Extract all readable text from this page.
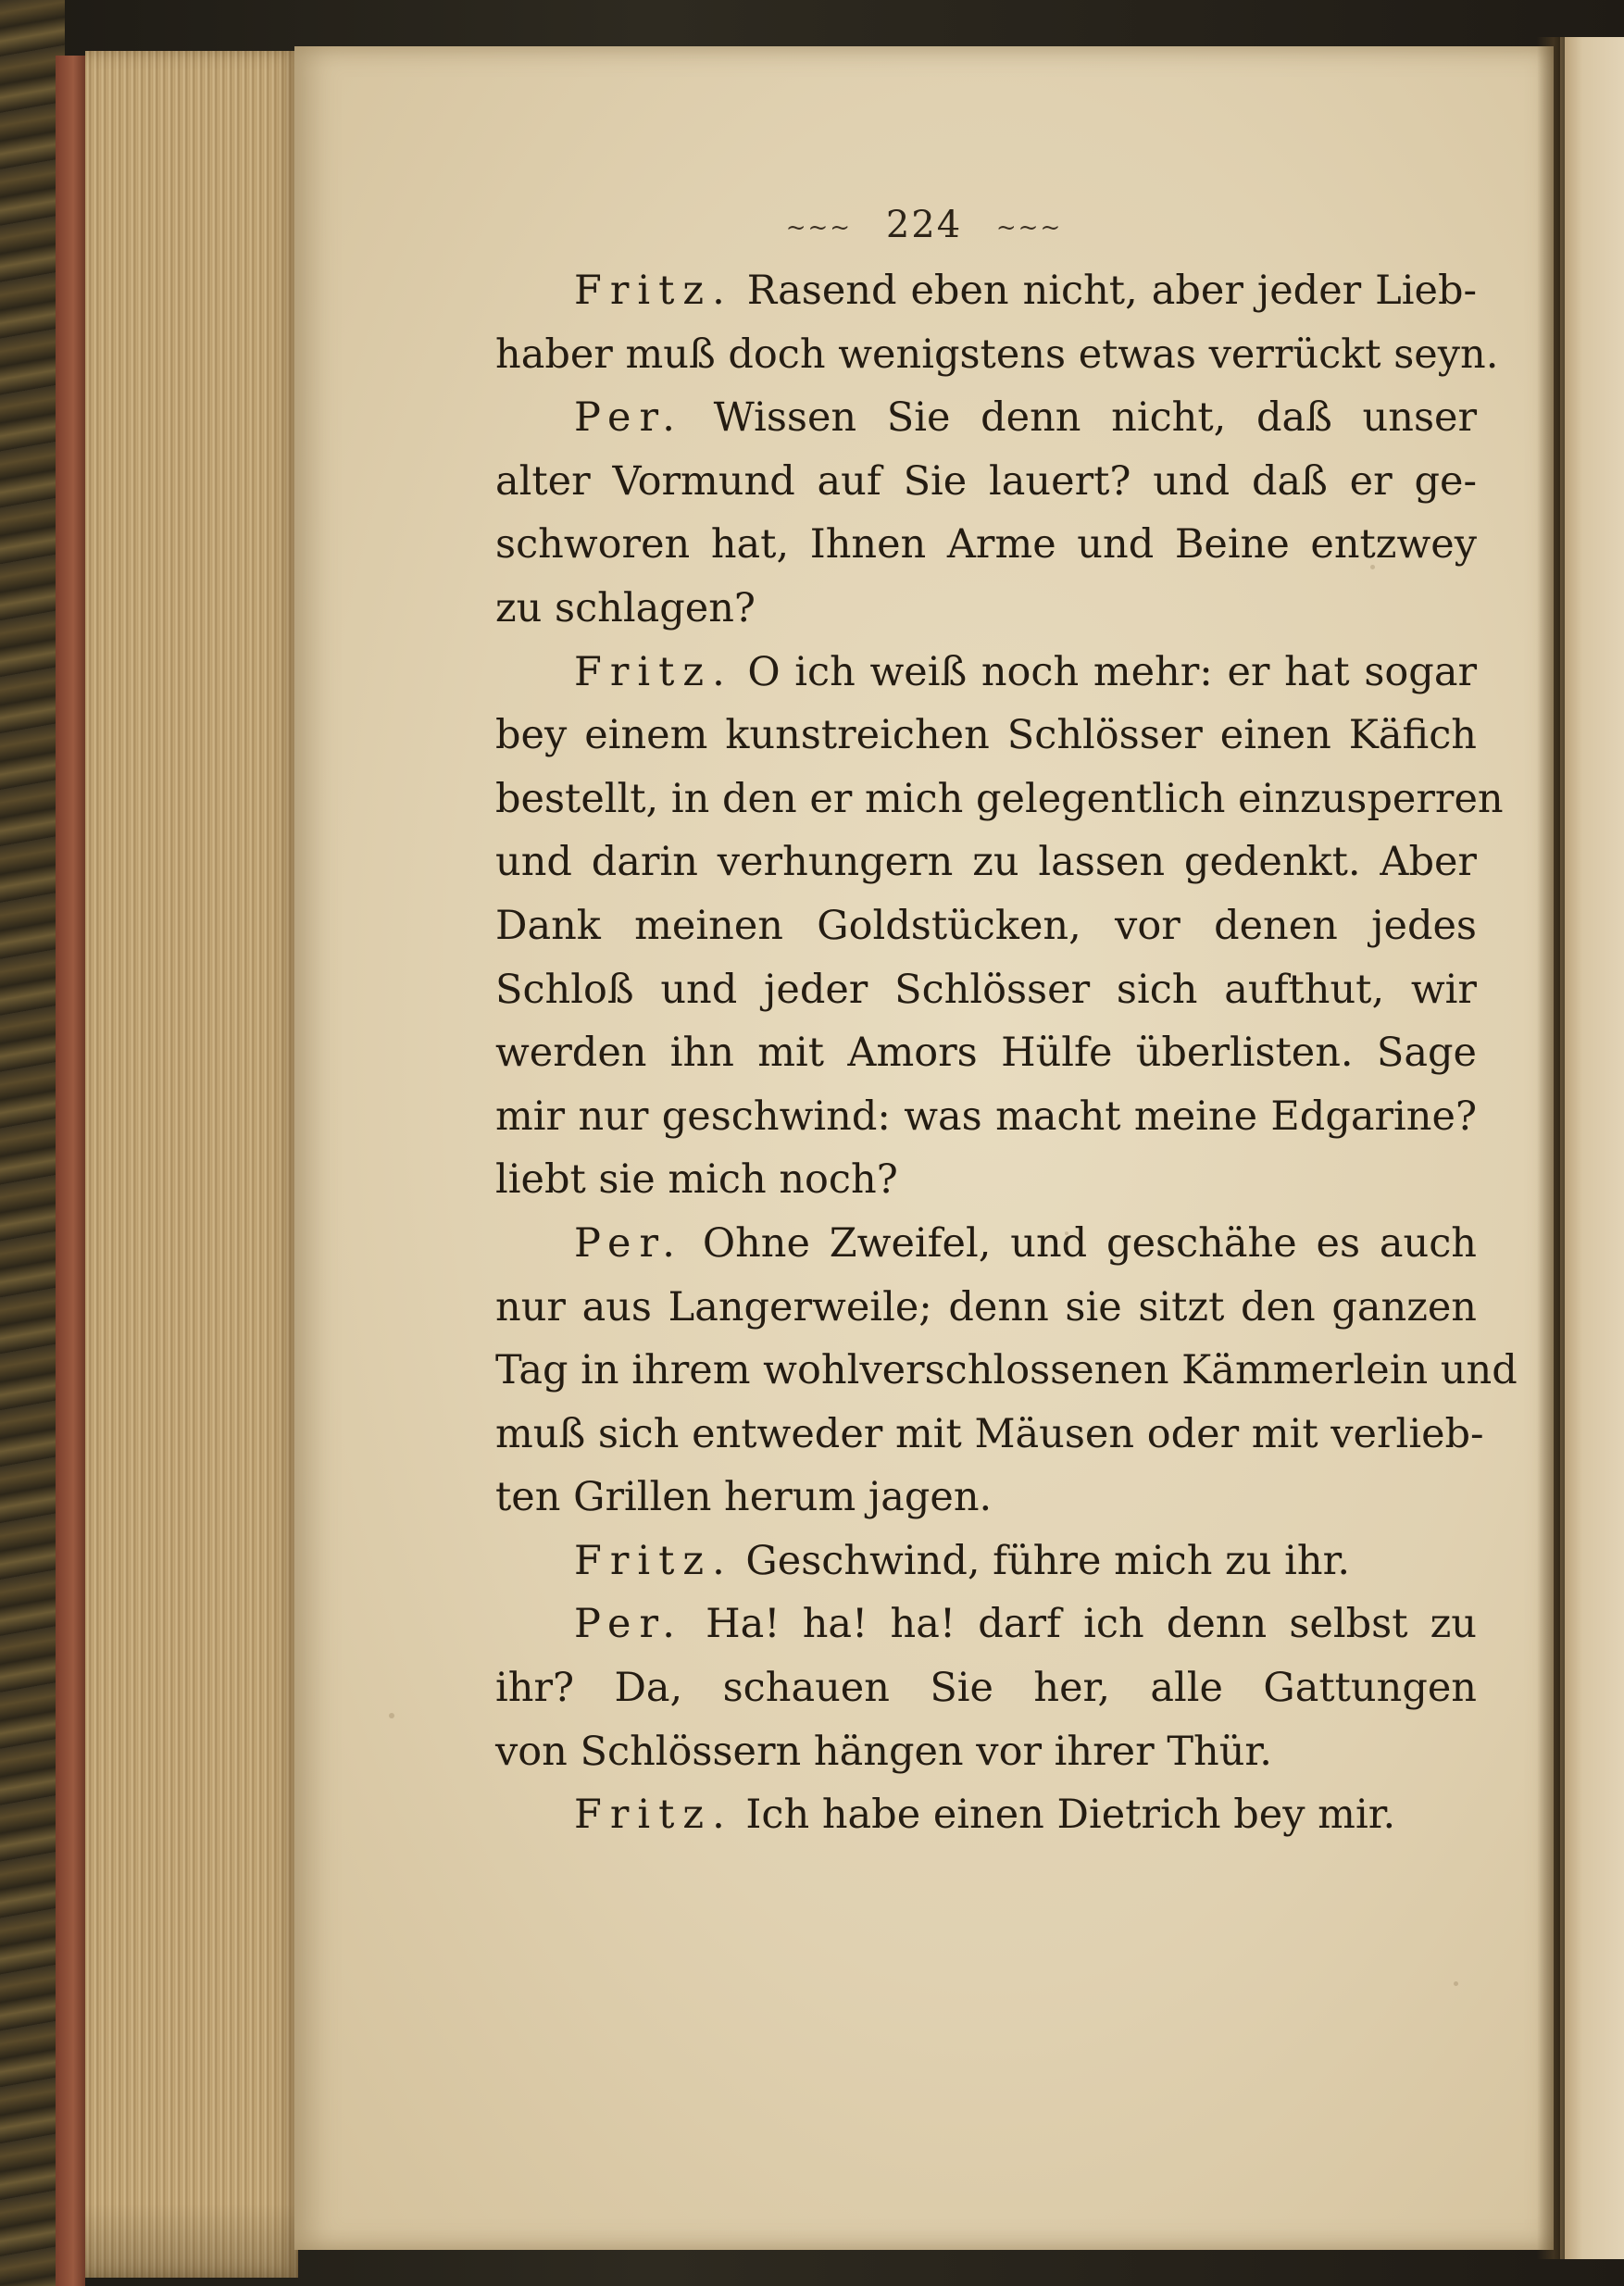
~~~ 224 ~~~
Fritz. Rasend eben nicht, aber jeder Lieb-
haber muß doch wenigstens etwas verrückt seyn.
Per. Wissen Sie denn nicht, daß unser
alter Vormund auf Sie lauert? und daß er ge-
schworen hat, Ihnen Arme und Beine entzwey
zu schlagen?
Fritz. O ich weiß noch mehr: er hat sogar
bey einem kunstreichen Schlösser einen Käfich
bestellt, in den er mich gelegentlich einzusperren
und darin verhungern zu lassen gedenkt. Aber
Dank meinen Goldstücken, vor denen jedes
Schloß und jeder Schlösser sich aufthut, wir
werden ihn mit Amors Hülfe überlisten. Sage
mir nur geschwind: was macht meine Edgarine?
liebt sie mich noch?
Per. Ohne Zweifel, und geschähe es auch
nur aus Langerweile; denn sie sitzt den ganzen
Tag in ihrem wohlverschlossenen Kämmerlein und
muß sich entweder mit Mäusen oder mit verlieb-
ten Grillen herum jagen.
Fritz. Geschwind, führe mich zu ihr.
Per. Ha! ha! ha! darf ich denn selbst zu
ihr? Da, schauen Sie her, alle Gattungen
von Schlössern hängen vor ihrer Thür.
Fritz. Ich habe einen Dietrich bey mir.
